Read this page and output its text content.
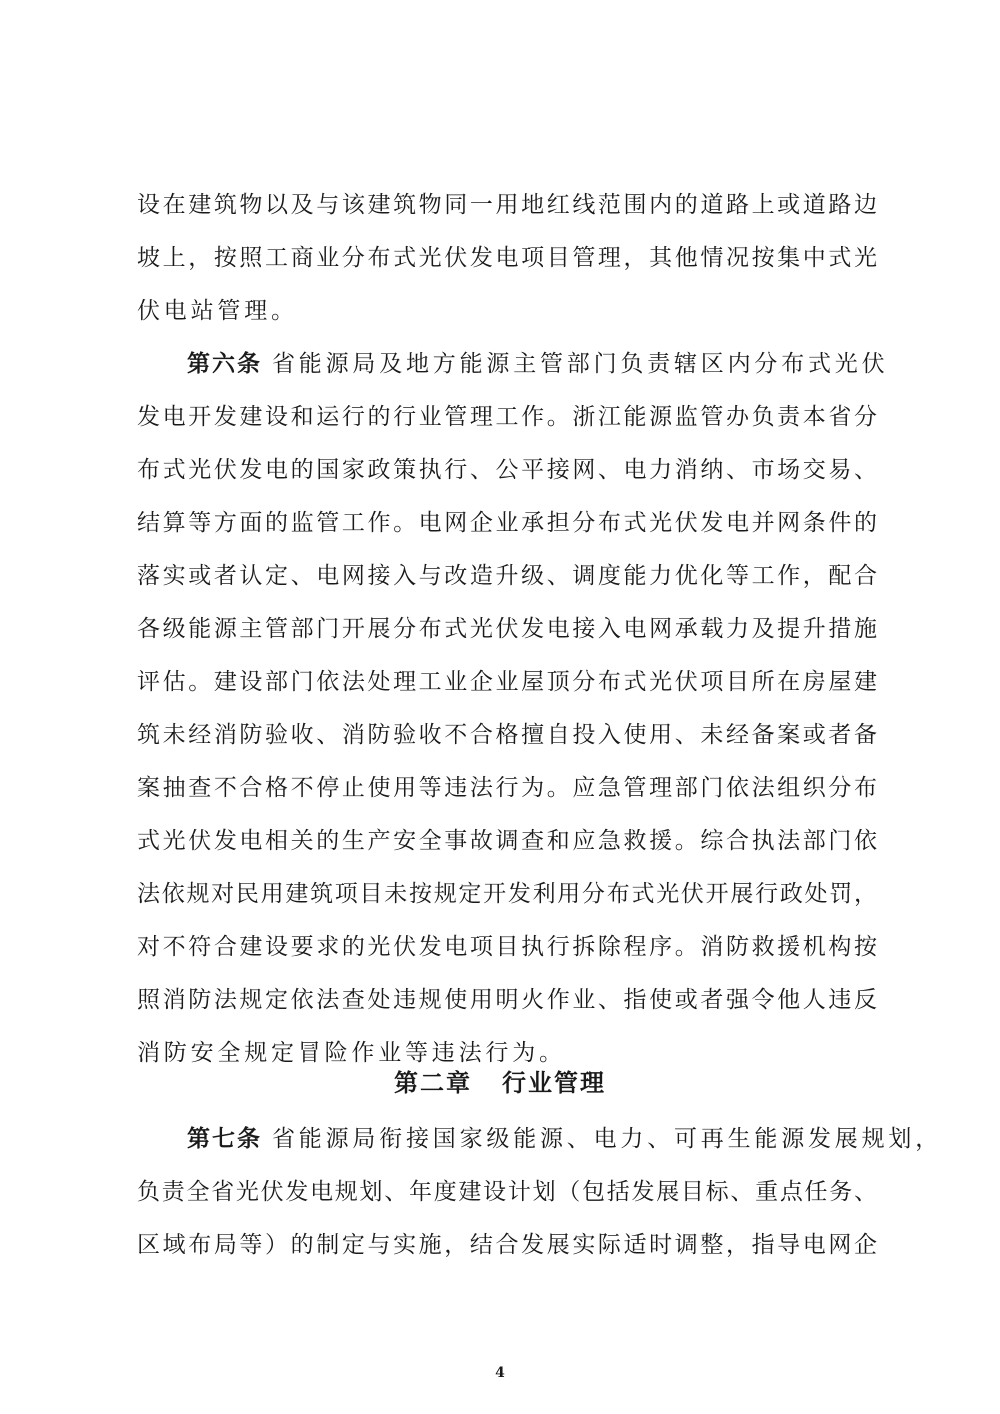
设在建筑物以及与该建筑物同一用地红线范围内的道路上或道路边
坡上，按照工商业分布式光伏发电项目管理，其他情况按集中式光
伏电站管理。
第六条 省能源局及地方能源主管部门负责辖区内分布式光伏
发电开发建设和运行的行业管理工作。浙江能源监管办负责本省分
布式光伏发电的国家政策执行、公平接网、电力消纳、市场交易、
结算等方面的监管工作。电网企业承担分布式光伏发电并网条件的
落实或者认定、电网接入与改造升级、调度能力优化等工作，配合
各级能源主管部门开展分布式光伏发电接入电网承载力及提升措施
评估。建设部门依法处理工业企业屋顶分布式光伏项目所在房屋建
筑未经消防验收、消防验收不合格擅自投入使用、未经备案或者备
案抽查不合格不停止使用等违法行为。应急管理部门依法组织分布
式光伏发电相关的生产安全事故调查和应急救援。综合执法部门依
法依规对民用建筑项目未按规定开发利用分布式光伏开展行政处罚，
对不符合建设要求的光伏发电项目执行拆除程序。消防救援机构按
照消防法规定依法查处违规使用明火作业、指使或者强令他人违反
消防安全规定冒险作业等违法行为。
第二章 行业管理
第七条 省能源局衔接国家级能源、电力、可再生能源发展规划，
负责全省光伏发电规划、年度建设计划（包括发展目标、重点任务、
区域布局等）的制定与实施，结合发展实际适时调整，指导电网企
4
